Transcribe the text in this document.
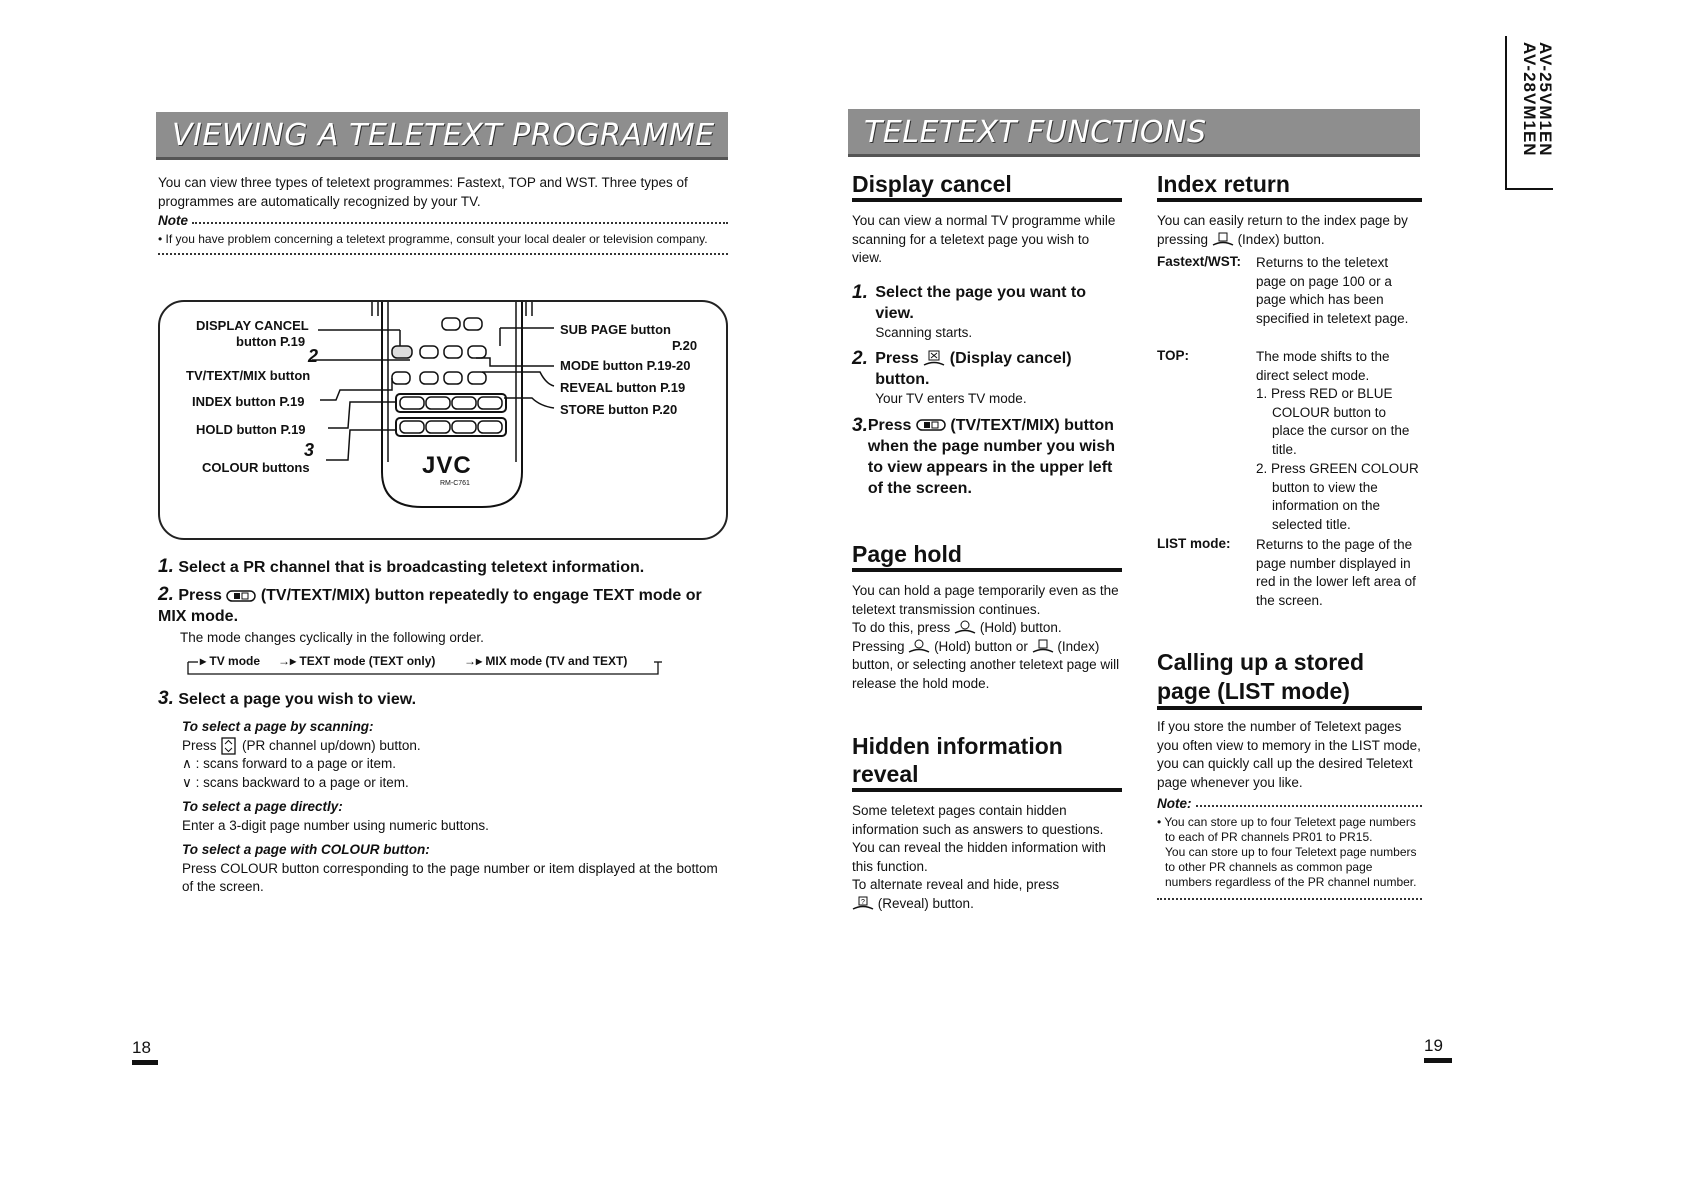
VIEWING A TELETEXT PROGRAMME
You can view three types of teletext programmes: Fastext, TOP and WST. Three types of programmes are automatically recognized by your TV.
Note
• If you have problem concerning a teletext programme, consult your local dealer or television company.
DISPLAY CANCEL
button P.19
2
TV/TEXT/MIX button
INDEX button P.19
HOLD button P.19
3
COLOUR buttons
SUB PAGE button
P.20
MODE button P.19-20
REVEAL button P.19
STORE button P.20
JVC
RM-C761
1. Select a PR channel that is broadcasting teletext information.
2. Press (TV/TEXT/MIX) button repeatedly to engage TEXT mode or MIX mode.
The mode changes cyclically in the following order.
▸ TV mode →▸ TEXT mode (TEXT only) →▸ MIX mode (TV and TEXT)
3. Select a page you wish to view.
To select a page by scanning:
Press (PR channel up/down) button.
∧ : scans forward to a page or item.
∨ : scans backward to a page or item.
To select a page directly:
Enter a 3-digit page number using numeric buttons.
To select a page with COLOUR button:
Press COLOUR button corresponding to the page number or item displayed at the bottom of the screen.
18
TELETEXT FUNCTIONS	AV-25VM1EN AV-28VM1EN
Display cancel
You can view a normal TV programme while scanning for a teletext page you wish to view.
1. Select the page you want to view.
Scanning starts.
2. Press (Display cancel) button.
Your TV enters TV mode.
3. Press (TV/TEXT/MIX) button when the page number you wish to view appears in the upper left of the screen.
Page hold
You can hold a page temporarily even as the teletext transmission continues.
To do this, press (Hold) button.
Pressing (Hold) button or (Index) button, or selecting another teletext page will release the hold mode.
Hidden information reveal
Some teletext pages contain hidden information such as answers to questions. You can reveal the hidden information with this function.
To alternate reveal and hide, press

? (Reveal) button.
Index return
You can easily return to the index page by pressing (Index) button.
Fastext/WST: Returns to the teletext page on page 100 or a page which has been specified in teletext page.
TOP:	The mode shifts to the direct select mode.
1. Press RED or BLUE COLOUR button to place the cursor on the title.
2. Press GREEN COLOUR button to view the information on the selected title.
LIST mode: Returns to the page of the page number displayed in red in the lower left area of the screen.
Calling up a stored page (LIST mode)
If you store the number of Teletext pages you often view to memory in the LIST mode, you can quickly call up the desired Teletext page whenever you like.
Note:
• You can store up to four Teletext page numbers to each of PR channels PR01 to PR15.
You can store up to four Teletext page numbers to other PR channels as common page numbers regardless of the PR channel number.
19
